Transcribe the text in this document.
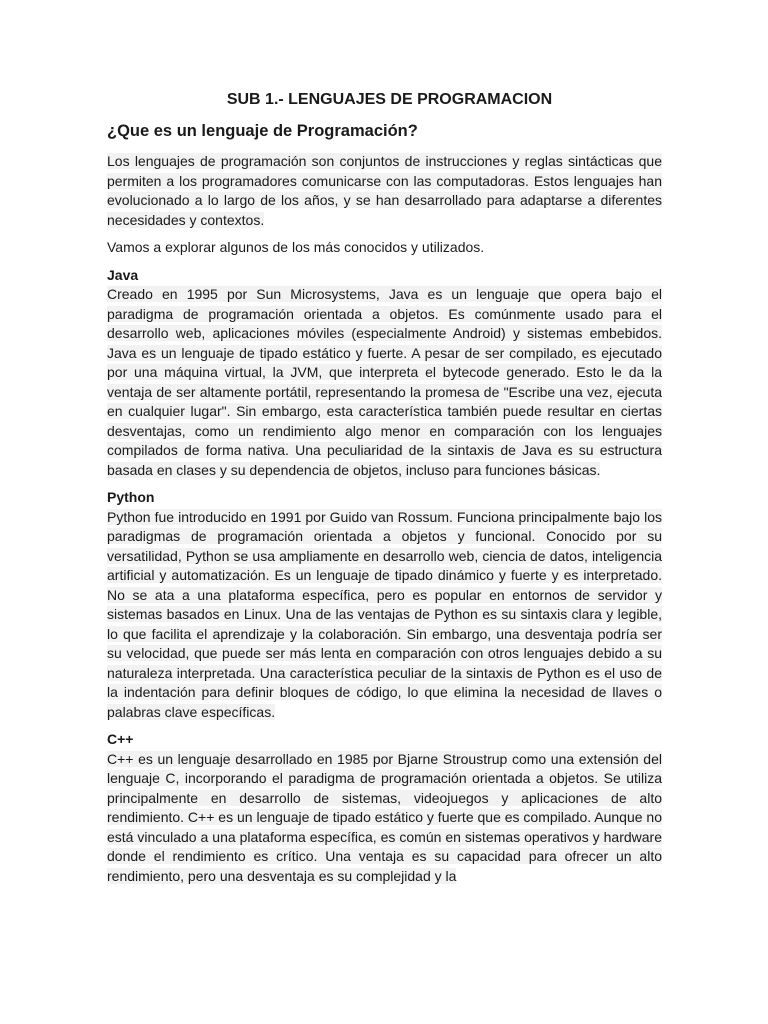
SUB 1.- LENGUAJES DE PROGRAMACION
¿Que es un lenguaje de Programación?

Los lenguajes de programación son conjuntos de instrucciones y reglas sintácticas que permiten a los programadores comunicarse con las computadoras. Estos lenguajes han evolucionado a lo largo de los años, y se han desarrollado para adaptarse a diferentes necesidades y contextos.

Vamos a explorar algunos de los más conocidos y utilizados.

Java

Creado en 1995 por Sun Microsystems, Java es un lenguaje que opera bajo el paradigma de programación orientada a objetos. Es comúnmente usado para el desarrollo web, aplicaciones móviles (especialmente Android) y sistemas embebidos. Java es un lenguaje de tipado estático y fuerte. A pesar de ser compilado, es ejecutado por una máquina virtual, la JVM, que interpreta el bytecode generado. Esto le da la ventaja de ser altamente portátil, representando la promesa de "Escribe una vez, ejecuta en cualquier lugar". Sin embargo, esta característica también puede resultar en ciertas desventajas, como un rendimiento algo menor en comparación con los lenguajes compilados de forma nativa. Una peculiaridad de la sintaxis de Java es su estructura basada en clases y su dependencia de objetos, incluso para funciones básicas.

Python

Python fue introducido en 1991 por Guido van Rossum. Funciona principalmente bajo los paradigmas de programación orientada a objetos y funcional. Conocido por su versatilidad, Python se usa ampliamente en desarrollo web, ciencia de datos, inteligencia artificial y automatización. Es un lenguaje de tipado dinámico y fuerte y es interpretado. No se ata a una plataforma específica, pero es popular en entornos de servidor y sistemas basados en Linux. Una de las ventajas de Python es su sintaxis clara y legible, lo que facilita el aprendizaje y la colaboración. Sin embargo, una desventaja podría ser su velocidad, que puede ser más lenta en comparación con otros lenguajes debido a su naturaleza interpretada. Una característica peculiar de la sintaxis de Python es el uso de la indentación para definir bloques de código, lo que elimina la necesidad de llaves o palabras clave específicas.

C++

C++ es un lenguaje desarrollado en 1985 por Bjarne Stroustrup como una extensión del lenguaje C, incorporando el paradigma de programación orientada a objetos. Se utiliza principalmente en desarrollo de sistemas, videojuegos y aplicaciones de alto rendimiento. C++ es un lenguaje de tipado estático y fuerte que es compilado. Aunque no está vinculado a una plataforma específica, es común en sistemas operativos y hardware donde el rendimiento es crítico. Una ventaja es su capacidad para ofrecer un alto rendimiento, pero una desventaja es su complejidad y la
